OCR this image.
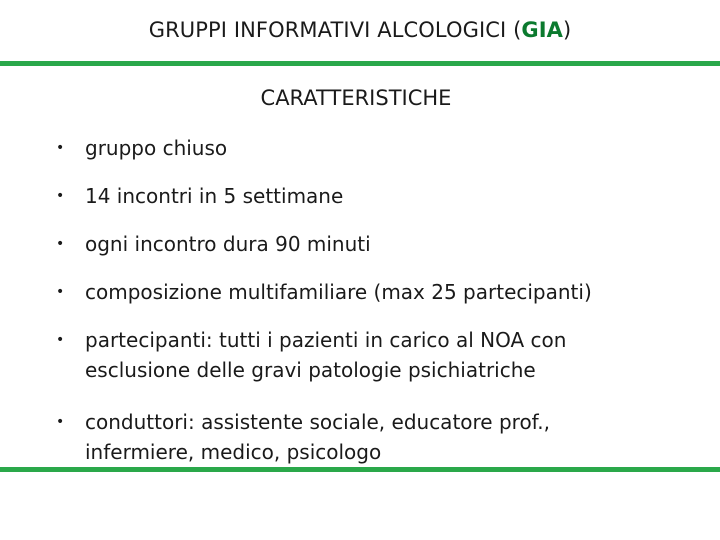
GRUPPI INFORMATIVI ALCOLOGICI (GIA)
CARATTERISTICHE
• gruppo chiuso
• 14 incontri in 5 settimane
• ogni incontro dura 90 minuti
• composizione multifamiliare (max 25 partecipanti)
• partecipanti: tutti i pazienti in carico al NOA con
esclusione delle gravi patologie psichiatriche
• conduttori: assistente sociale, educatore prof.,
infermiere, medico, psicologo
